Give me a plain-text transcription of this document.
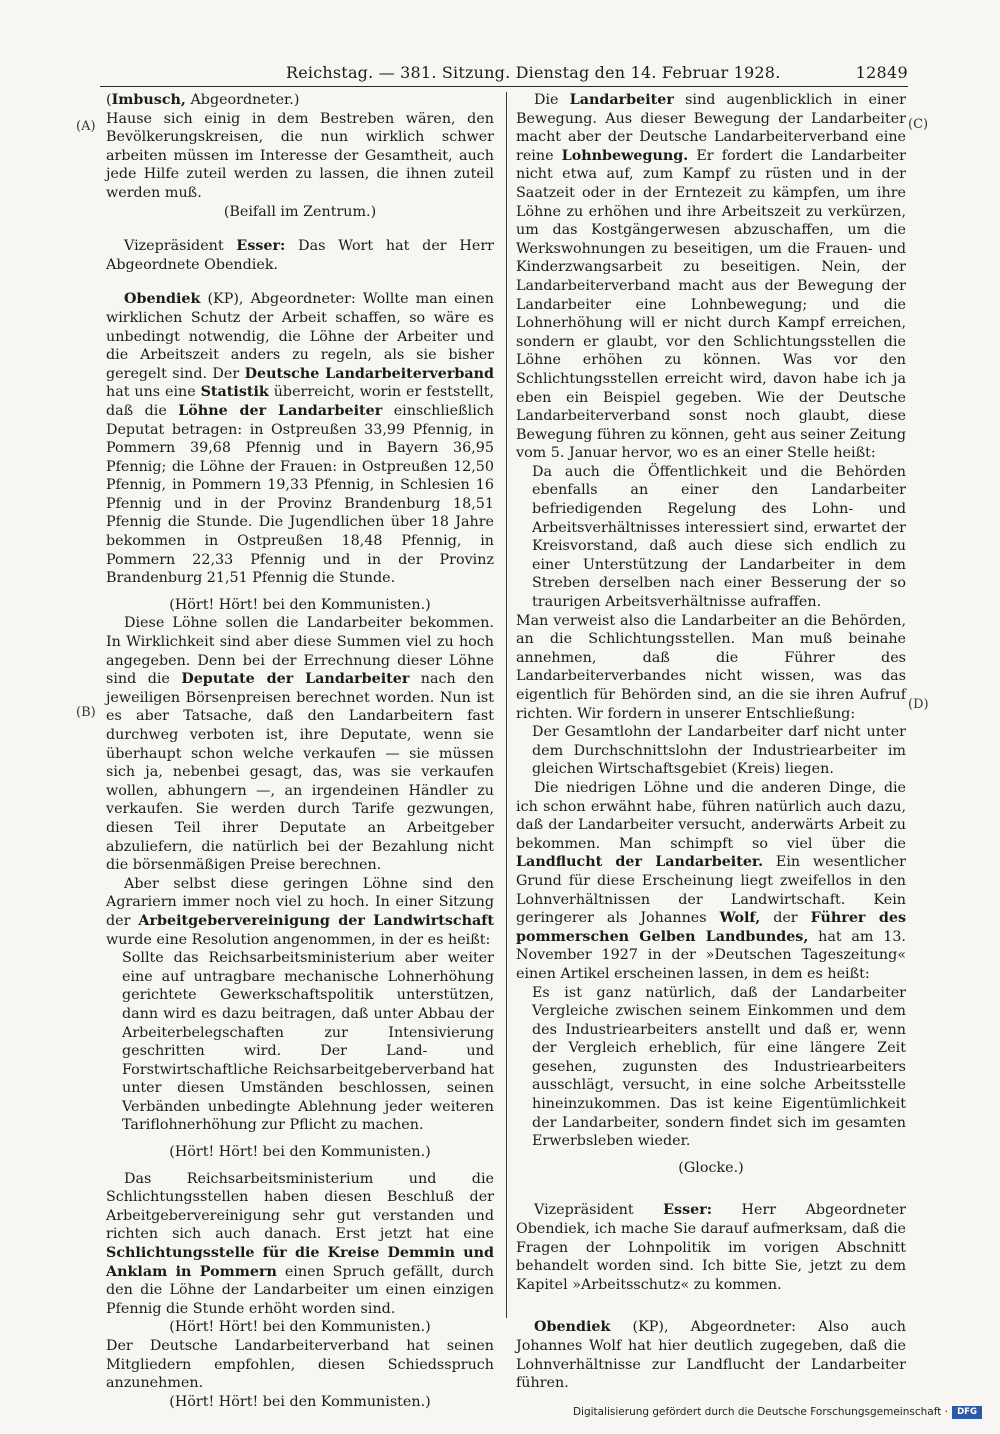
Reichstag. — 381. Sitzung. Dienstag den 14. Februar 1928.	12849
(A)
(B)
(C)
(D)

(Imbusch, Abgeordneter.)

Hause sich einig in dem Bestreben wären, den Bevölkerungskreisen, die nun wirklich schwer arbeiten müssen im Interesse der Gesamtheit, auch jede Hilfe zuteil werden zu lassen, die ihnen zuteil werden muß.

(Beifall im Zentrum.)

Vizepräsident Esser: Das Wort hat der Herr Abgeordnete Obendiek.

Obendiek (KP), Abgeordneter: Wollte man einen wirklichen Schutz der Arbeit schaffen, so wäre es unbedingt notwendig, die Löhne der Arbeiter und die Arbeitszeit anders zu regeln, als sie bisher geregelt sind. Der Deutsche Landarbeiterverband hat uns eine Statistik überreicht, worin er feststellt, daß die Löhne der Landarbeiter einschließlich Deputat betragen: in Ostpreußen 33,99 Pfennig, in Pommern 39,68 Pfennig und in Bayern 36,95 Pfennig; die Löhne der Frauen: in Ostpreußen 12,50 Pfennig, in Pommern 19,33 Pfennig, in Schlesien 16 Pfennig und in der Provinz Brandenburg 18,51 Pfennig die Stunde. Die Jugendlichen über 18 Jahre bekommen in Ostpreußen 18,48 Pfennig, in Pommern 22,33 Pfennig und in der Provinz Brandenburg 21,51 Pfennig die Stunde.

(Hört! Hört! bei den Kommunisten.)

Diese Löhne sollen die Landarbeiter bekommen. In Wirklichkeit sind aber diese Summen viel zu hoch angegeben. Denn bei der Errechnung dieser Löhne sind die Deputate der Landarbeiter nach den jeweiligen Börsenpreisen berechnet worden. Nun ist es aber Tatsache, daß den Landarbeitern fast durchweg verboten ist, ihre Deputate, wenn sie überhaupt schon welche verkaufen — sie müssen sich ja, nebenbei gesagt, das, was sie verkaufen wollen, abhungern —, an irgendeinen Händler zu verkaufen. Sie werden durch Tarife gezwungen, diesen Teil ihrer Deputate an Arbeitgeber abzuliefern, die natürlich bei der Bezahlung nicht die börsenmäßigen Preise berechnen.

Aber selbst diese geringen Löhne sind den Agrariern immer noch viel zu hoch. In einer Sitzung der Arbeitgebervereinigung der Landwirtschaft wurde eine Resolution angenommen, in der es heißt:

Sollte das Reichsarbeitsministerium aber weiter eine auf untragbare mechanische Lohnerhöhung gerichtete Gewerkschaftspolitik unterstützen, dann wird es dazu beitragen, daß unter Abbau der Arbeiterbelegschaften zur Intensivierung geschritten wird. Der Land- und Forstwirtschaftliche Reichsarbeitgeberverband hat unter diesen Umständen beschlossen, seinen Verbänden unbedingte Ablehnung jeder weiteren Tariflohnerhöhung zur Pflicht zu machen.

(Hört! Hört! bei den Kommunisten.)

Das Reichsarbeitsministerium und die Schlichtungsstellen haben diesen Beschluß der Arbeitgebervereinigung sehr gut verstanden und richten sich auch danach. Erst jetzt hat eine Schlichtungsstelle für die Kreise Demmin und Anklam in Pommern einen Spruch gefällt, durch den die Löhne der Landarbeiter um einen einzigen Pfennig die Stunde erhöht worden sind.

(Hört! Hört! bei den Kommunisten.)

Der Deutsche Landarbeiterverband hat seinen Mitgliedern empfohlen, diesen Schiedsspruch anzunehmen.

(Hört! Hört! bei den Kommunisten.)

Die Landarbeiter sind augenblicklich in einer Bewegung. Aus dieser Bewegung der Landarbeiter macht aber der Deutsche Landarbeiterverband eine reine Lohnbewegung. Er fordert die Landarbeiter nicht etwa auf, zum Kampf zu rüsten und in der Saatzeit oder in der Erntezeit zu kämpfen, um ihre Löhne zu erhöhen und ihre Arbeitszeit zu verkürzen, um das Kostgängerwesen abzuschaffen, um die Werkswohnungen zu beseitigen, um die Frauen- und Kinderzwangsarbeit zu beseitigen. Nein, der Landarbeiterverband macht aus der Bewegung der Landarbeiter eine Lohnbewegung; und die Lohnerhöhung will er nicht durch Kampf erreichen, sondern er glaubt, vor den Schlichtungsstellen die Löhne erhöhen zu können. Was vor den Schlichtungsstellen erreicht wird, davon habe ich ja eben ein Beispiel gegeben. Wie der Deutsche Landarbeiterverband sonst noch glaubt, diese Bewegung führen zu können, geht aus seiner Zeitung vom 5. Januar hervor, wo es an einer Stelle heißt:

Da auch die Öffentlichkeit und die Behörden ebenfalls an einer den Landarbeiter befriedigenden Regelung des Lohn- und Arbeitsverhältnisses interessiert sind, erwartet der Kreisvorstand, daß auch diese sich endlich zu einer Unterstützung der Landarbeiter in dem Streben derselben nach einer Besserung der so traurigen Arbeitsverhältnisse aufraffen.

Man verweist also die Landarbeiter an die Behörden, an die Schlichtungsstellen. Man muß beinahe annehmen, daß die Führer des Landarbeiterverbandes nicht wissen, was das eigentlich für Behörden sind, an die sie ihren Aufruf richten. Wir fordern in unserer Entschließung:

Der Gesamtlohn der Landarbeiter darf nicht unter dem Durchschnittslohn der Industriearbeiter im gleichen Wirtschaftsgebiet (Kreis) liegen.

Die niedrigen Löhne und die anderen Dinge, die ich schon erwähnt habe, führen natürlich auch dazu, daß der Landarbeiter versucht, anderwärts Arbeit zu bekommen. Man schimpft so viel über die Landflucht der Landarbeiter. Ein wesentlicher Grund für diese Erscheinung liegt zweifellos in den Lohnverhältnissen der Landwirtschaft. Kein geringerer als Johannes Wolf, der Führer des pommerschen Gelben Landbundes, hat am 13. November 1927 in der »Deutschen Tageszeitung« einen Artikel erscheinen lassen, in dem es heißt:

Es ist ganz natürlich, daß der Landarbeiter Vergleiche zwischen seinem Einkommen und dem des Industriearbeiters anstellt und daß er, wenn der Vergleich erheblich, für eine längere Zeit gesehen, zugunsten des Industriearbeiters ausschlägt, versucht, in eine solche Arbeitsstelle hineinzukommen. Das ist keine Eigentümlichkeit der Landarbeiter, sondern findet sich im gesamten Erwerbsleben wieder.

(Glocke.)

Vizepräsident Esser: Herr Abgeordneter Obendiek, ich mache Sie darauf aufmerksam, daß die Fragen der Lohnpolitik im vorigen Abschnitt behandelt worden sind. Ich bitte Sie, jetzt zu dem Kapitel »Arbeitsschutz« zu kommen.

Obendiek (KP), Abgeordneter: Also auch Johannes Wolf hat hier deutlich zugegeben, daß die Lohnverhältnisse zur Landflucht der Landarbeiter führen.

Digitalisierung gefördert durch die Deutsche Forschungsgemeinschaft ·	DFG
